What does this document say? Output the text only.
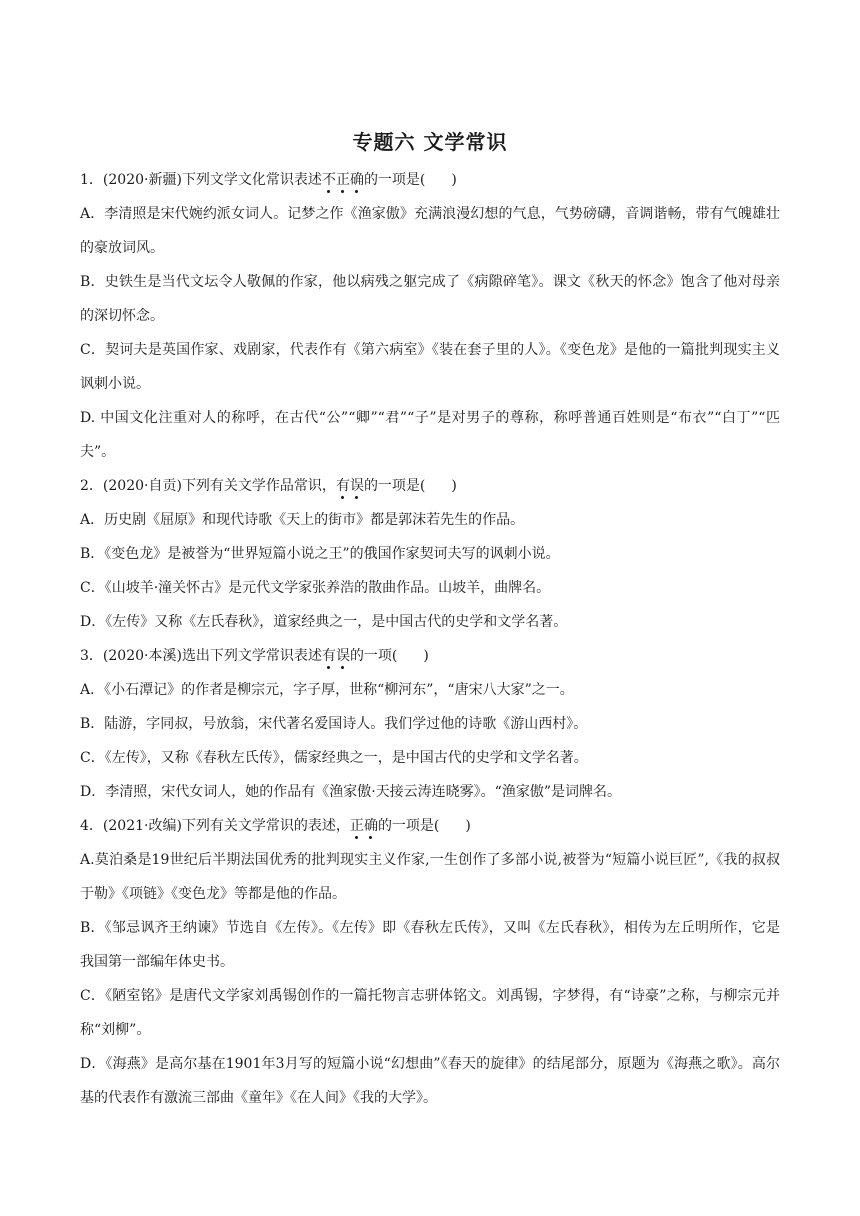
专题六 文学常识

1．(2020·新疆)下列文学文化常识表述不正确的一项是( )

A．李清照是宋代婉约派女词人。记梦之作《渔家傲》充满浪漫幻想的气息，气势磅礴，音调谐畅，带有气魄雄壮的豪放词风。

B．史铁生是当代文坛令人敬佩的作家，他以病残之躯完成了《病隙碎笔》。课文《秋天的怀念》饱含了他对母亲的深切怀念。

C．契诃夫是英国作家、戏剧家，代表作有《第六病室》《装在套子里的人》。《变色龙》是他的一篇批判现实主义讽刺小说。

D. 中国文化注重对人的称呼，在古代“公”“卿”“君”“子”是对男子的尊称，称呼普通百姓则是“布衣”“白丁”“匹夫”。

2．(2020·自贡)下列有关文学作品常识，有误的一项是( )

A．历史剧《屈原》和现代诗歌《天上的街市》都是郭沫若先生的作品。

B．《变色龙》是被誉为“世界短篇小说之王”的俄国作家契诃夫写的讽刺小说。

C．《山坡羊·潼关怀古》是元代文学家张养浩的散曲作品。山坡羊，曲牌名。

D．《左传》又称《左氏春秋》，道家经典之一，是中国古代的史学和文学名著。

3．(2020·本溪)选出下列文学常识表述有误的一项( )

A．《小石潭记》的作者是柳宗元，字子厚，世称“柳河东”，“唐宋八大家”之一。

B．陆游，字同叔，号放翁，宋代著名爱国诗人。我们学过他的诗歌《游山西村》。

C．《左传》，又称《春秋左氏传》，儒家经典之一，是中国古代的史学和文学名著。

D．李清照，宋代女词人，她的作品有《渔家傲·天接云涛连晓雾》。“渔家傲”是词牌名。

4．(2021·改编)下列有关文学常识的表述，正确的一项是( )

A.莫泊桑是19世纪后半期法国优秀的批判现实主义作家,一生创作了多部小说,被誉为“短篇小说巨匠”,《我的叔叔于勒》《项链》《变色龙》等都是他的作品。

B．《邹忌讽齐王纳谏》节选自《左传》。《左传》即《春秋左氏传》，又叫《左氏春秋》，相传为左丘明所作，它是我国第一部编年体史书。

C．《陋室铭》是唐代文学家刘禹锡创作的一篇托物言志骈体铭文。刘禹锡，字梦得，有“诗豪”之称，与柳宗元并称“刘柳”。

D．《海燕》是高尔基在1901年3月写的短篇小说“幻想曲”《春天的旋律》的结尾部分，原题为《海燕之歌》。高尔基的代表作有激流三部曲《童年》《在人间》《我的大学》。
